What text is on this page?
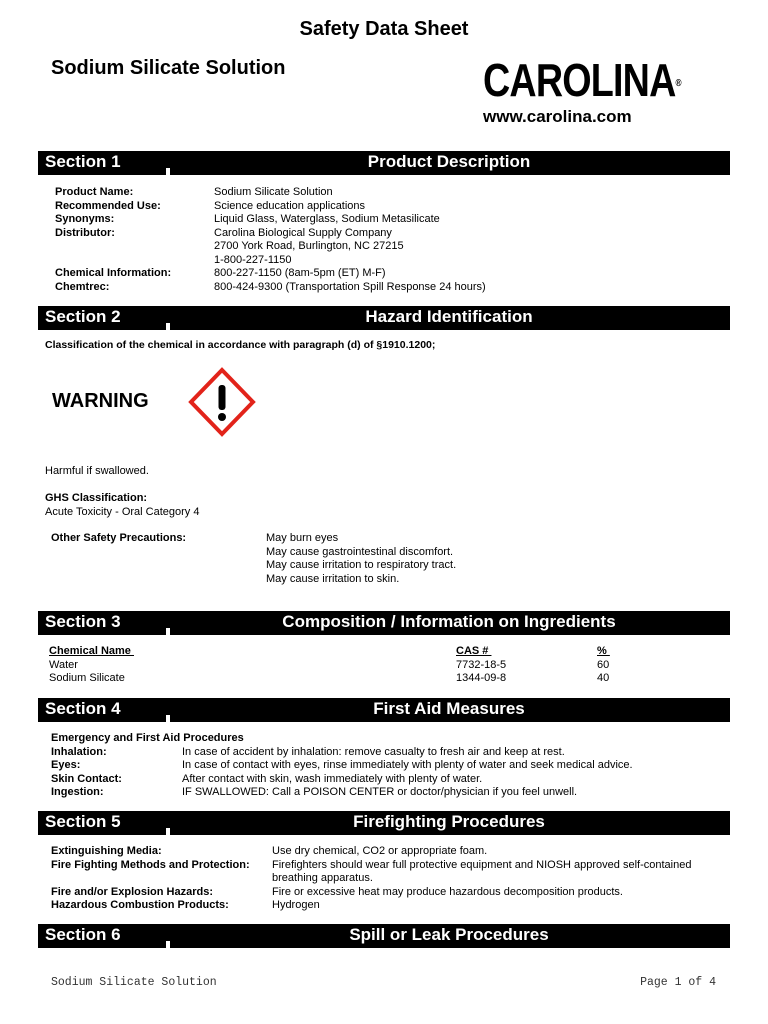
Safety Data Sheet
Sodium Silicate Solution	CAROLINA®
www.carolina.com
Section 1	Product Description
Product Name:	Sodium Silicate Solution
Recommended Use:	Science education applications
Synonyms:	Liquid Glass, Waterglass, Sodium Metasilicate
Distributor:	Carolina Biological Supply Company
2700 York Road, Burlington, NC 27215
1-800-227-1150
Chemical Information:	800-227-1150 (8am-5pm (ET) M-F)
Chemtrec:	800-424-9300 (Transportation Spill Response 24 hours)
Section 2	Hazard Identification
Classification of the chemical in accordance with paragraph (d) of §1910.1200;
WARNING
Harmful if swallowed.
GHS Classification:
Acute Toxicity - Oral Category 4
Other Safety Precautions:	May burn eyes
May cause gastrointestinal discomfort.
May cause irritation to respiratory tract.
May cause irritation to skin.
Section 3	Composition / Information on Ingredients
Chemical Name	CAS #	%
Water	7732-18-5	60
Sodium Silicate	1344-09-8	40
Section 4	First Aid Measures
Emergency and First Aid Procedures
Inhalation:	In case of accident by inhalation: remove casualty to fresh air and keep at rest.
Eyes:	In case of contact with eyes, rinse immediately with plenty of water and seek medical advice.
Skin Contact:	After contact with skin, wash immediately with plenty of water.
Ingestion:	IF SWALLOWED: Call a POISON CENTER or doctor/physician if you feel unwell.
Section 5	Firefighting Procedures
Extinguishing Media:	Use dry chemical, CO2 or appropriate foam.
Fire Fighting Methods and Protection: Firefighters should wear full protective equipment and NIOSH approved self-contained
breathing apparatus.
Fire and/or Explosion Hazards:	Fire or excessive heat may produce hazardous decomposition products.
Hazardous Combustion Products:	Hydrogen
Section 6	Spill or Leak Procedures
Sodium Silicate Solution	Page 1 of 4
